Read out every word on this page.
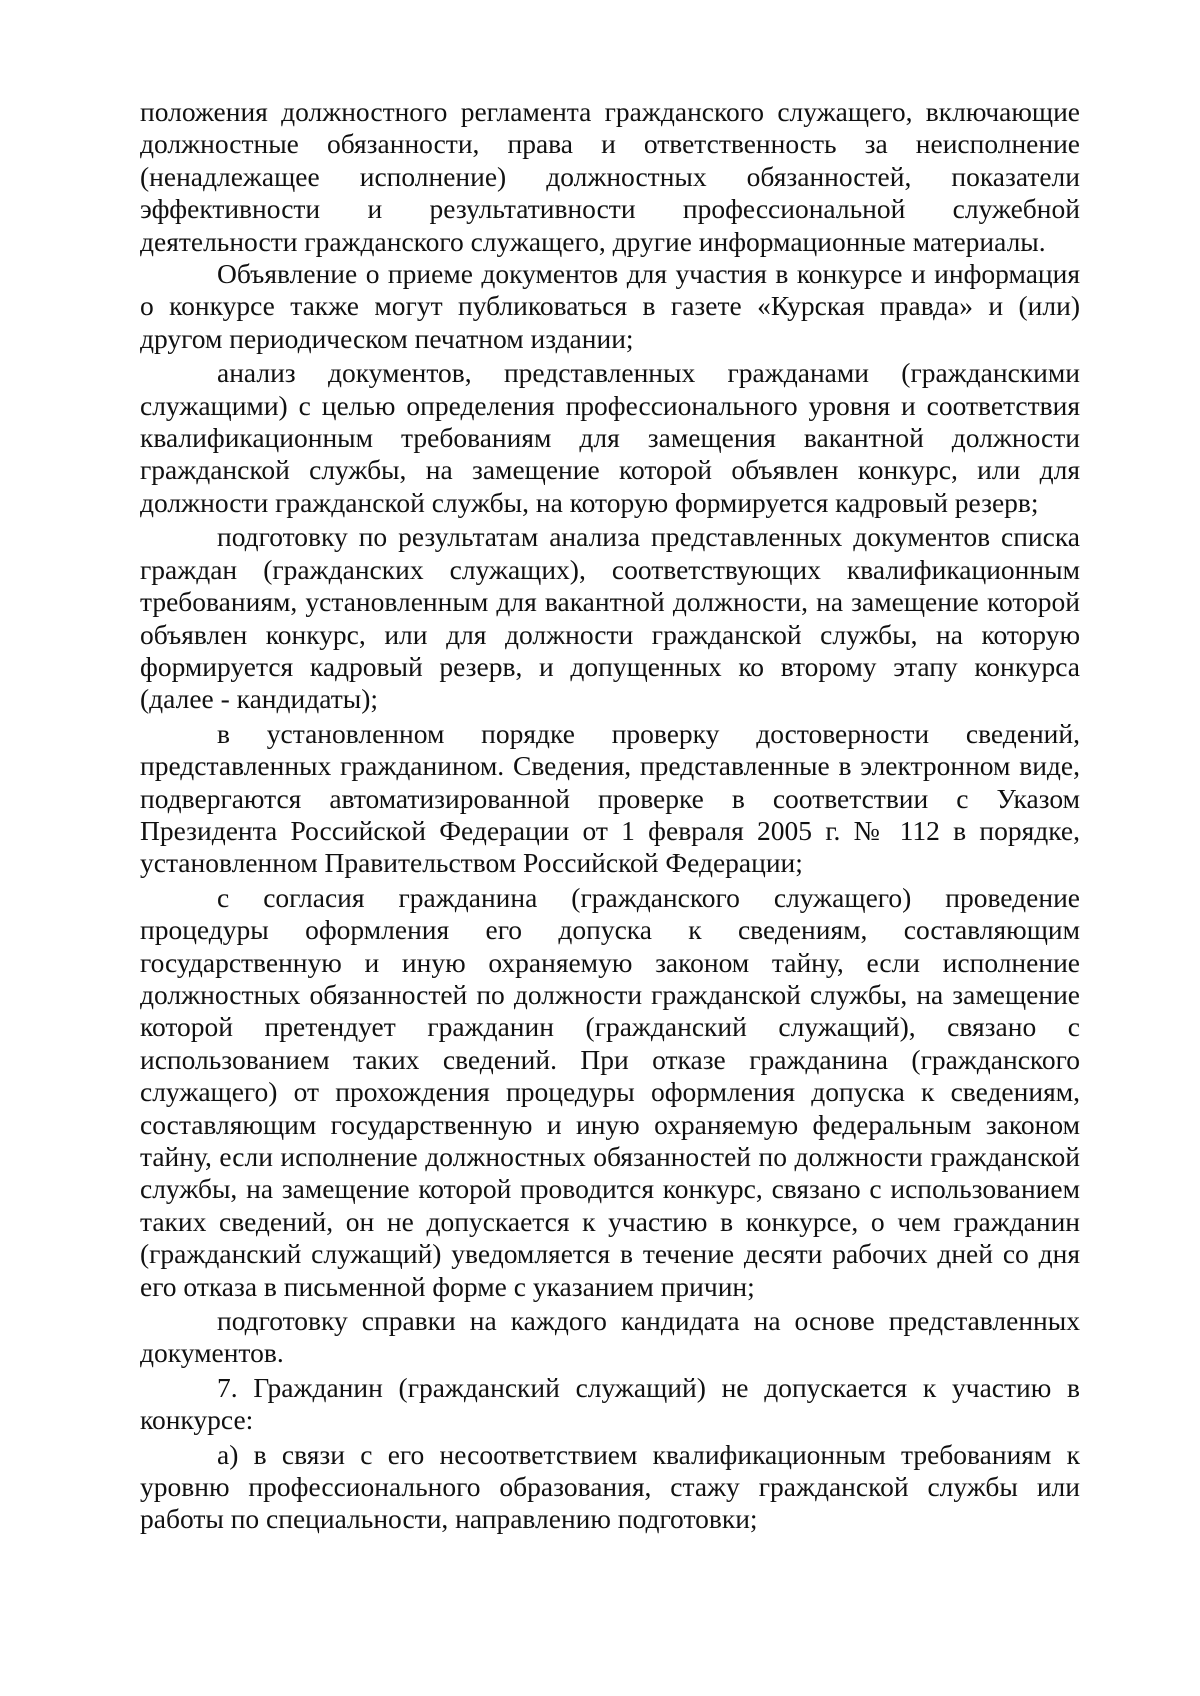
положения должностного регламента гражданского служащего, включающие должностные обязанности, права и ответственность за неисполнение (ненадлежащее исполнение) должностных обязанностей, показатели эффективности и результативности профессиональной служебной деятельности гражданского служащего, другие информационные материалы.

Объявление о приеме документов для участия в конкурсе и информация о конкурсе также могут публиковаться в газете «Курская правда» и (или) другом периодическом печатном издании;

анализ документов, представленных гражданами (гражданскими служащими) с целью определения профессионального уровня и соответствия квалификационным требованиям для замещения вакантной должности гражданской службы, на замещение которой объявлен конкурс, или для должности гражданской службы, на которую формируется кадровый резерв;

подготовку по результатам анализа представленных документов списка граждан (гражданских служащих), соответствующих квалификационным требованиям, установленным для вакантной должности, на замещение которой объявлен конкурс, или для должности гражданской службы, на которую формируется кадровый резерв, и допущенных ко второму этапу конкурса (далее - кандидаты);

в установленном порядке проверку достоверности сведений, представленных гражданином. Сведения, представленные в электронном виде, подвергаются автоматизированной проверке в соответствии с Указом Президента Российской Федерации от 1 февраля 2005 г. № 112 в порядке, установленном Правительством Российской Федерации;

с согласия гражданина (гражданского служащего) проведение процедуры оформления его допуска к сведениям, составляющим государственную и иную охраняемую законом тайну, если исполнение должностных обязанностей по должности гражданской службы, на замещение которой претендует гражданин (гражданский служащий), связано с использованием таких сведений. При отказе гражданина (гражданского служащего) от прохождения процедуры оформления допуска к сведениям, составляющим государственную и иную охраняемую федеральным законом тайну, если исполнение должностных обязанностей по должности гражданской службы, на замещение которой проводится конкурс, связано с использованием таких сведений, он не допускается к участию в конкурсе, о чем гражданин (гражданский служащий) уведомляется в течение десяти рабочих дней со дня его отказа в письменной форме с указанием причин;

подготовку справки на каждого кандидата на основе представленных документов.

7. Гражданин (гражданский служащий) не допускается к участию в конкурсе:

а) в связи с его несоответствием квалификационным требованиям к уровню профессионального образования, стажу гражданской службы или работы по специальности, направлению подготовки;
